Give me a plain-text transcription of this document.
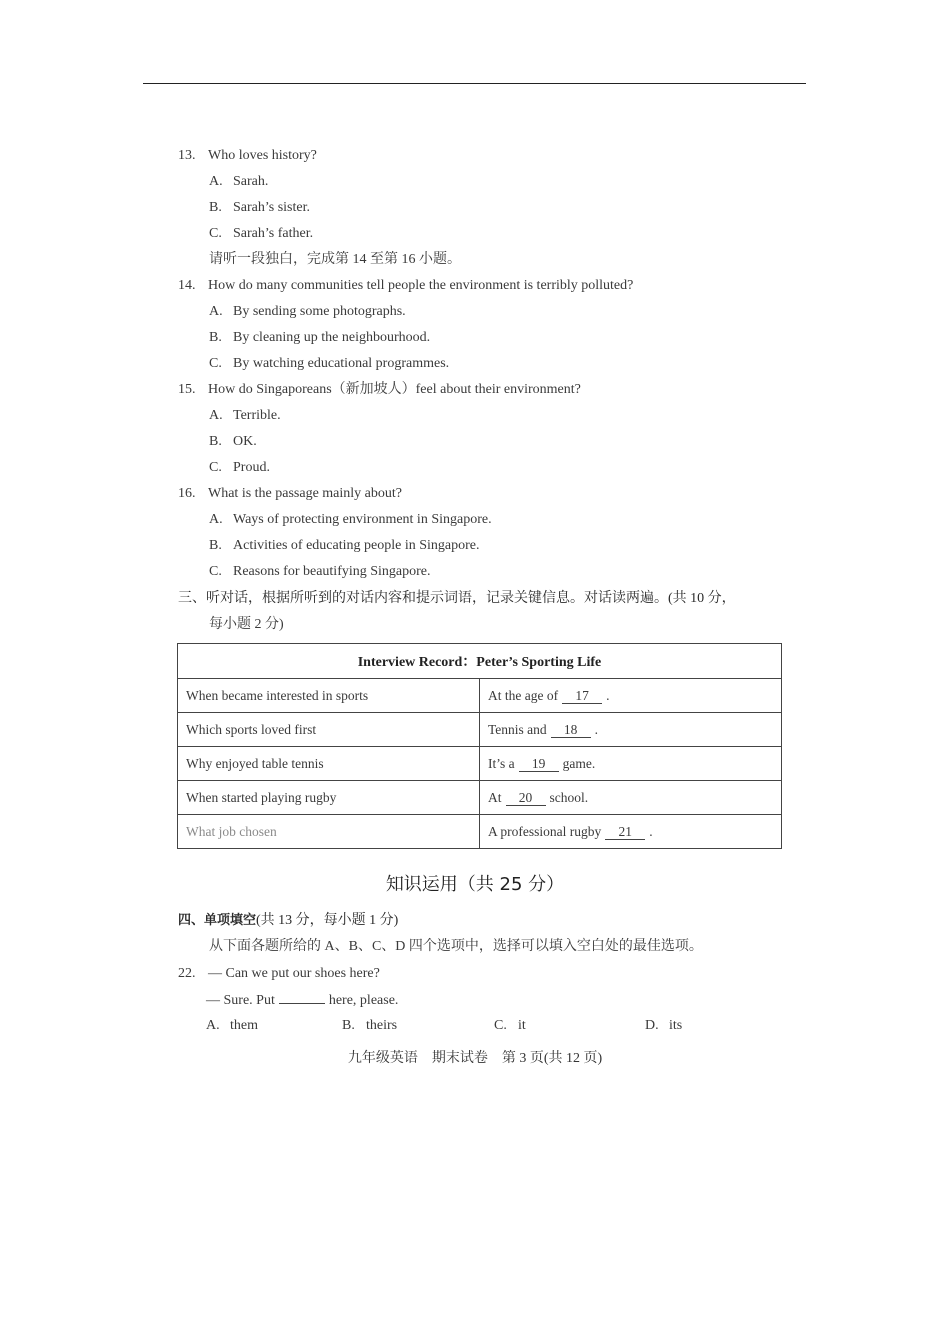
13. Who loves history?
A. Sarah.
B. Sarah’s sister.
C. Sarah’s father.
请听一段独白，完成第 14 至第 16 小题。
14. How do many communities tell people the environment is terribly polluted?
A. By sending some photographs.
B. By cleaning up the neighbourhood.
C. By watching educational programmes.
15. How do Singaporeans（新加坡人）feel about their environment?
A. Terrible.
B. OK.
C. Proud.
16. What is the passage mainly about?
A. Ways of protecting environment in Singapore.
B. Activities of educating people in Singapore.
C. Reasons for beautifying Singapore.
三、听对话，根据所听到的对话内容和提示词语，记录关键信息。对话读两遍。(共 10 分，
每小题 2 分)
Interview Record：Peter’s Sporting Life	
When became interested in sports	At the age of 17 .
Which sports loved first	Tennis and 18 .
Why enjoyed table tennis	It’s a 19 game.
When started playing rugby	At 20 school.
What job chosen	A professional rugby 21 .
知识运用（共 25 分）
四、单项填空(共 13 分，每小题 1 分)
从下面各题所给的 A、B、C、D 四个选项中，选择可以填入空白处的最佳选项。
22. — Can we put our shoes here?
— Sure. Put	here, please.
A. them	B. theirs	C. it	D. its
九年级英语　期末试卷　第 3 页(共 12 页)
